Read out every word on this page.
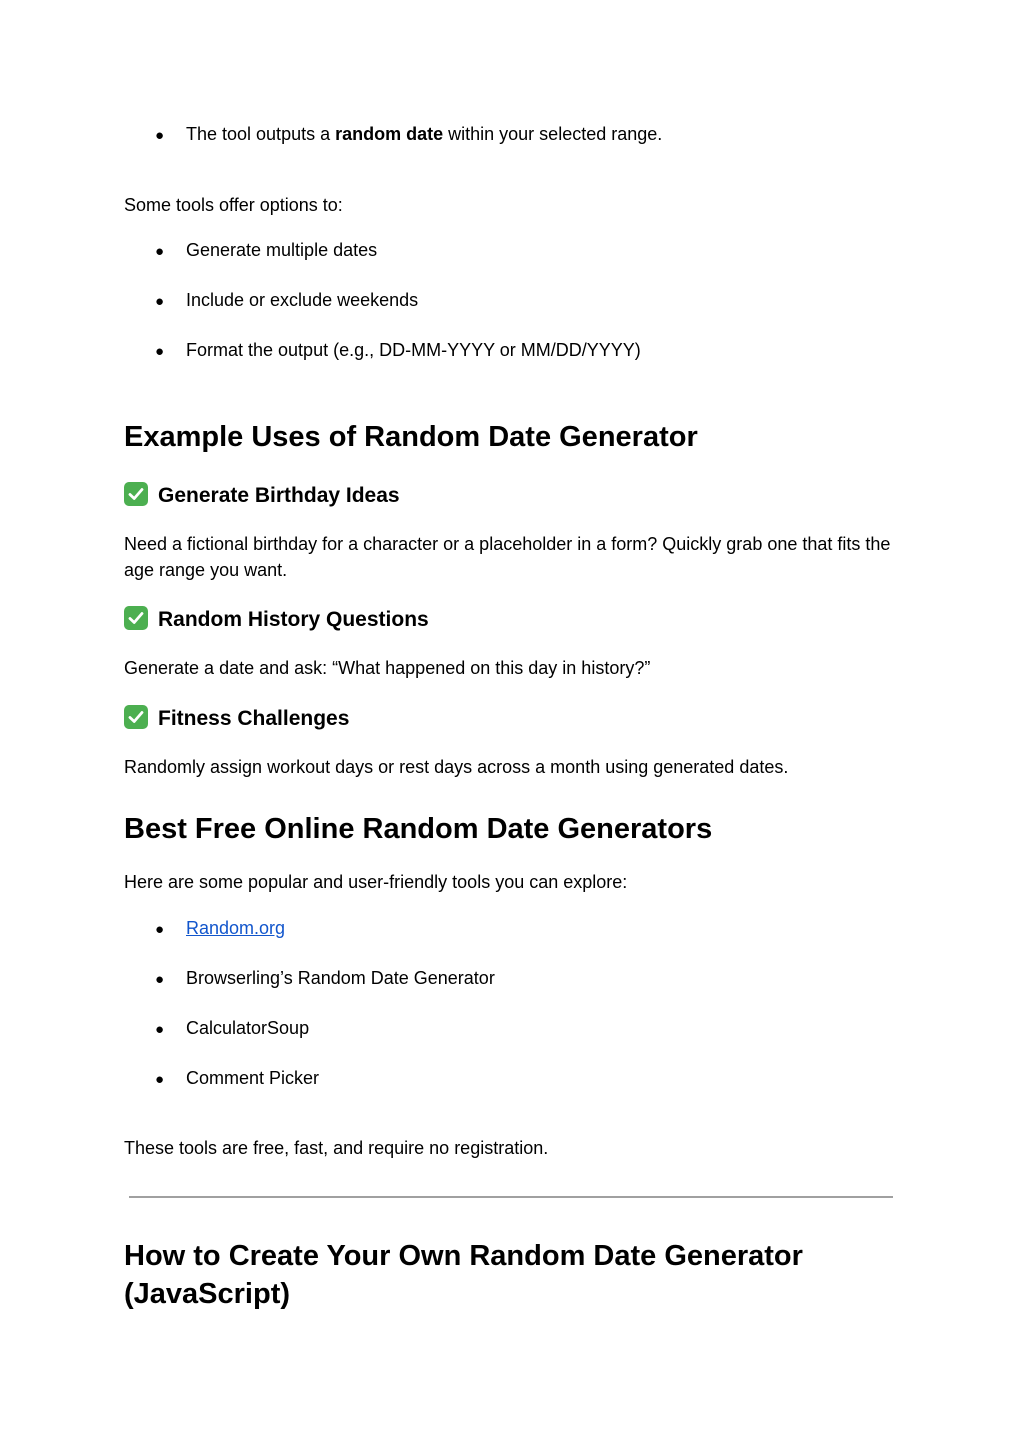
● The tool outputs a random date within your selected range.
Some tools offer options to:
● Generate multiple dates
● Include or exclude weekends
● Format the output (e.g., DD-MM-YYYY or MM/DD/YYYY)
Example Uses of Random Date Generator
Generate Birthday Ideas
Need a fictional birthday for a character or a placeholder in a form? Quickly grab one that fits the age range you want.
Random History Questions
Generate a date and ask: “What happened on this day in history?”
Fitness Challenges
Randomly assign workout days or rest days across a month using generated dates.
Best Free Online Random Date Generators
Here are some popular and user-friendly tools you can explore:
● Random.org
● Browserling’s Random Date Generator
● CalculatorSoup
● Comment Picker
These tools are free, fast, and require no registration.
How to Create Your Own Random Date Generator (JavaScript)
